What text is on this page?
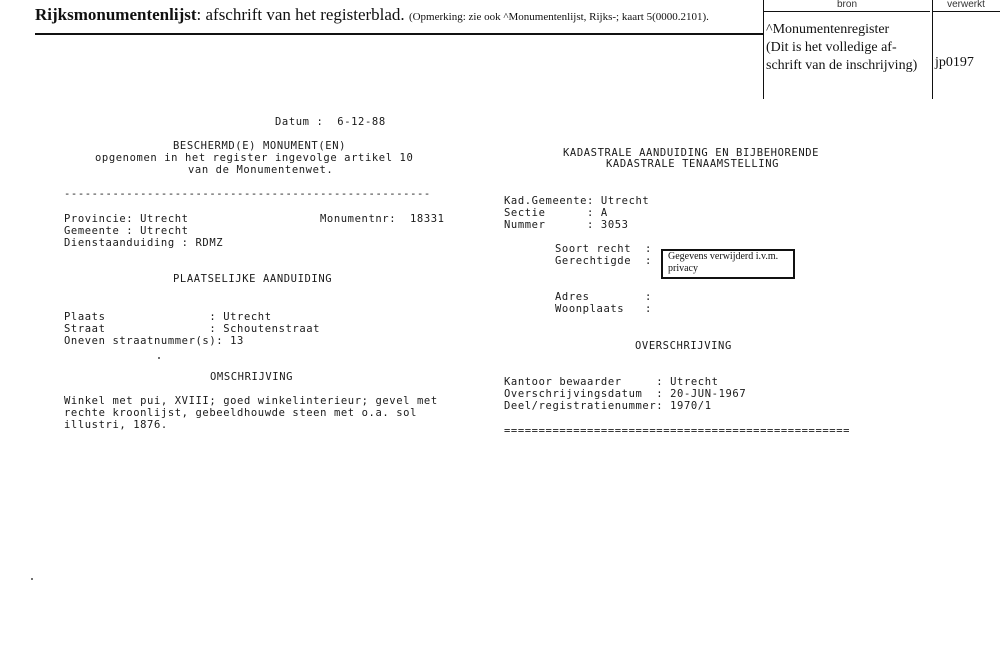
Rijksmonumentenlijst: afschrift van het registerblad. (Opmerking: zie ook ^Monumentenlijst, Rijks-; kaart 5(0000.2101).
bron	verwerkt
^Monumentenregister
(Dit is het volledige af-
schrift van de inschrijving) jp0197
Datum :  6-12-88
BESCHERMD(E) MONUMENT(EN)
opgenomen in het register ingevolge artikel 10
van de Monumentenwet.
-----------------------------------------------------
Provincie: Utrecht	Monumentnr:  18331
Gemeente : Utrecht
Dienstaanduiding : RDMZ
PLAATSELIJKE AANDUIDING
Plaats               : Utrecht
Straat               : Schoutenstraat
Oneven straatnummer(s): 13
OMSCHRIJVING
Winkel met pui, XVIII; goed winkelinterieur; gevel met
rechte kroonlijst, gebeeldhouwde steen met o.a. sol
illustri, 1876.
KADASTRALE AANDUIDING EN BIJBEHORENDE
KADASTRALE TENAAMSTELLING
Kad.Gemeente: Utrecht
Sectie      : A
Nummer      : 3053
Soort recht  :
Gerechtigde  : Gegevens verwijderd i.v.m.
privacy
Adres        :
Woonplaats   :
OVERSCHRIJVING
Kantoor bewaarder     : Utrecht
Overschrijvingsdatum  : 20-JUN-1967
Deel/registratienummer: 1970/1
==================================================
